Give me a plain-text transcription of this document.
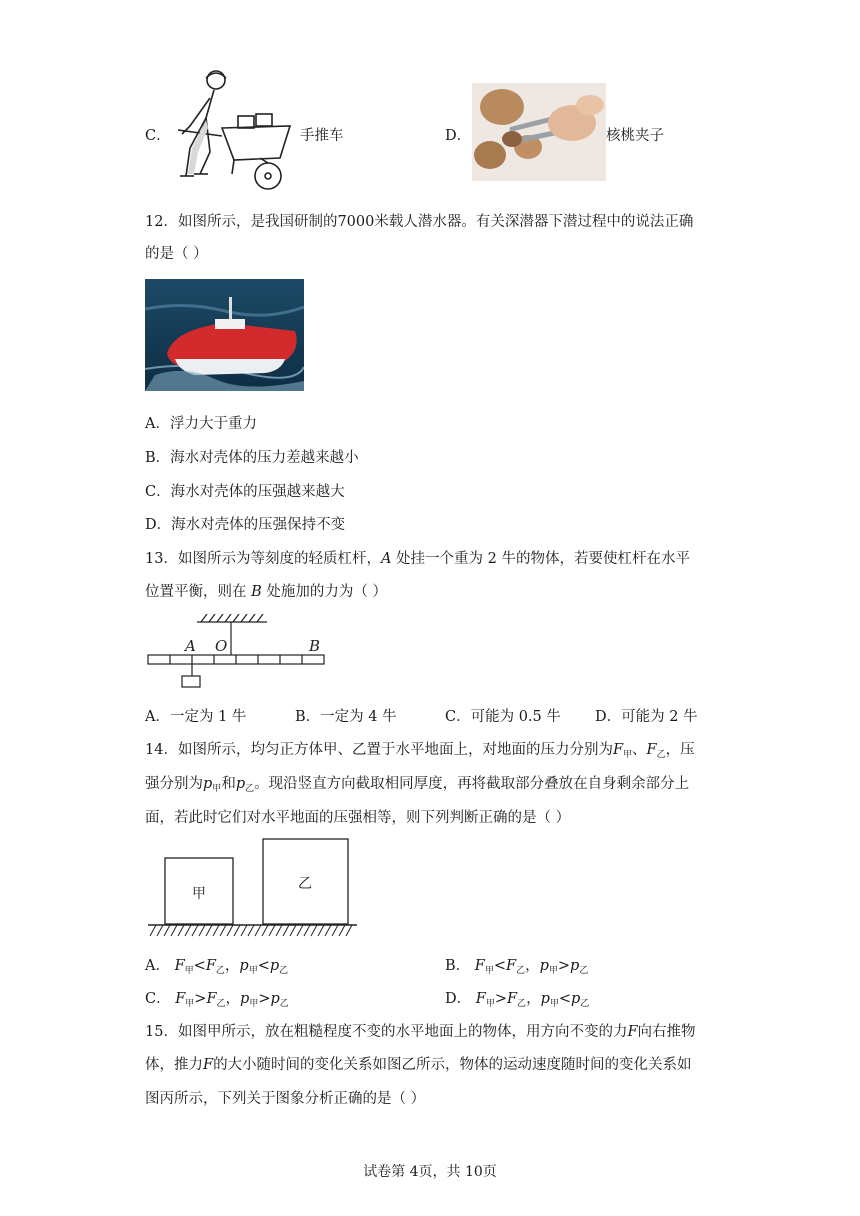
C．	手推车	D．	核桃夹子
12．如图所示，是我国研制的7000米载人潜水器。有关深潜器下潜过程中的说法正确
的是（ ）
A．浮力大于重力
B．海水对壳体的压力差越来越小
C．海水对壳体的压强越来越大
D．海水对壳体的压强保持不变
13．如图所示为等刻度的轻质杠杆，A 处挂一个重为 2 牛的物体，若要使杠杆在水平
位置平衡，则在 B 处施加的力为（ ）
A O	B
A．一定为 1 牛	B．一定为 4 牛	C．可能为 0.5 牛 D．可能为 2 牛
14．如图所示，均匀正方体甲、乙置于水平地面上，对地面的压力分别为$F_甲$、$F_乙$，压
强分别为$p_甲$和$p_乙$。现沿竖直方向截取相同厚度，再将截取部分叠放在自身剩余部分上
面，若此时它们对水平地面的压强相等，则下列判断正确的是（ ）
甲
乙
A． $F_甲<F_乙$，$p_甲<p_乙$	B． $F_甲<F_乙$，$p_甲>p_乙$
C． $F_甲>F_乙$，$p_甲>p_乙$	D． $F_甲>F_乙$，$p_甲<p_乙$
15．如图甲所示，放在粗糙程度不变的水平地面上的物体，用方向不变的力F向右推物
体，推力F的大小随时间的变化关系如图乙所示，物体的运动速度随时间的变化关系如
图丙所示，下列关于图象分析正确的是（ ）
试卷第 4页，共 10页
